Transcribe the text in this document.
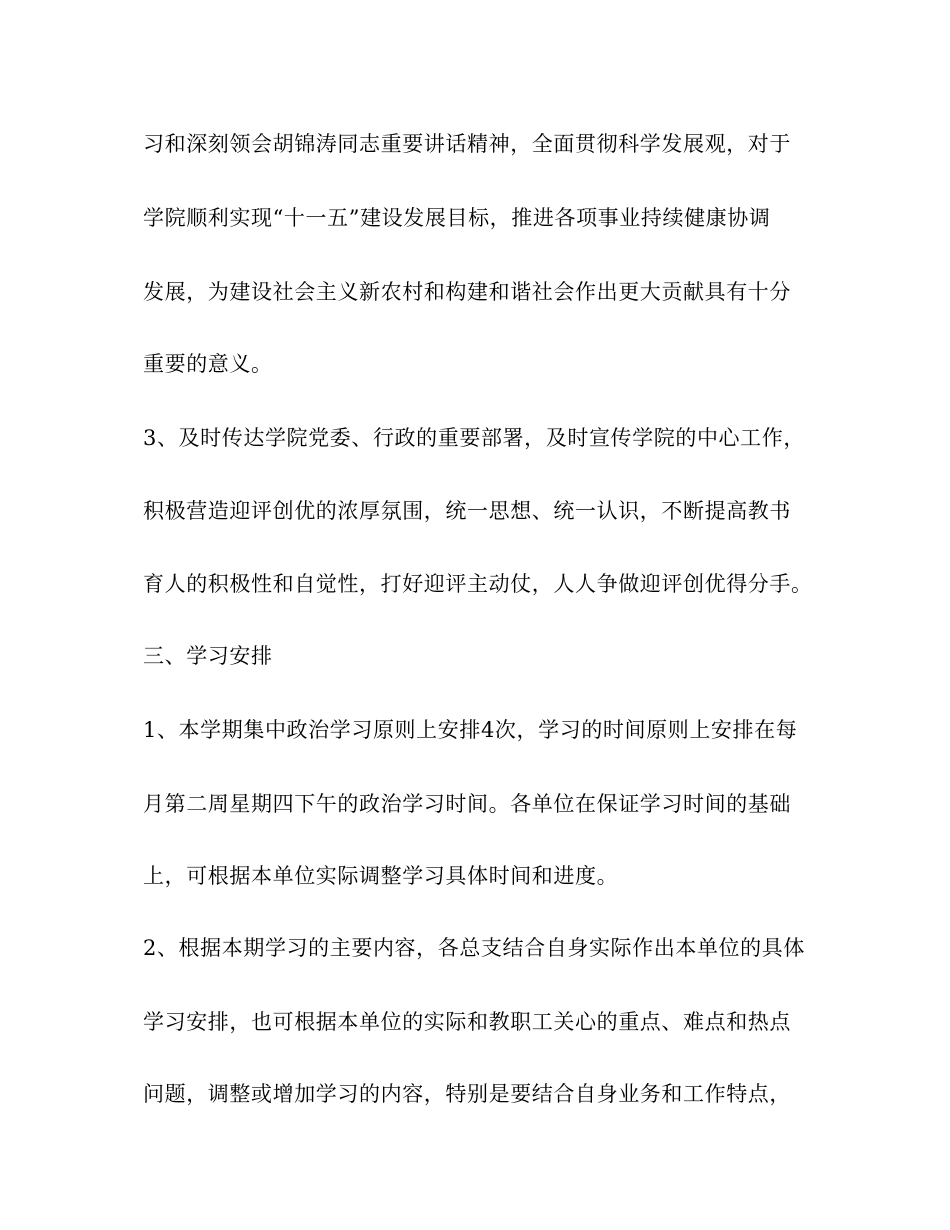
习和深刻领会胡锦涛同志重要讲话精神，全面贯彻科学发展观，对于
学院顺利实现“十一五”建设发展目标，推进各项事业持续健康协调
发展，为建设社会主义新农村和构建和谐社会作出更大贡献具有十分
重要的意义。
3、及时传达学院党委、行政的重要部署，及时宣传学院的中心工作，
积极营造迎评创优的浓厚氛围，统一思想、统一认识，不断提高教书
育人的积极性和自觉性，打好迎评主动仗，人人争做迎评创优得分手。
三、学习安排
1、本学期集中政治学习原则上安排4次，学习的时间原则上安排在每
月第二周星期四下午的政治学习时间。各单位在保证学习时间的基础
上，可根据本单位实际调整学习具体时间和进度。
2、根据本期学习的主要内容，各总支结合自身实际作出本单位的具体
学习安排，也可根据本单位的实际和教职工关心的重点、难点和热点
问题，调整或增加学习的内容，特别是要结合自身业务和工作特点，
